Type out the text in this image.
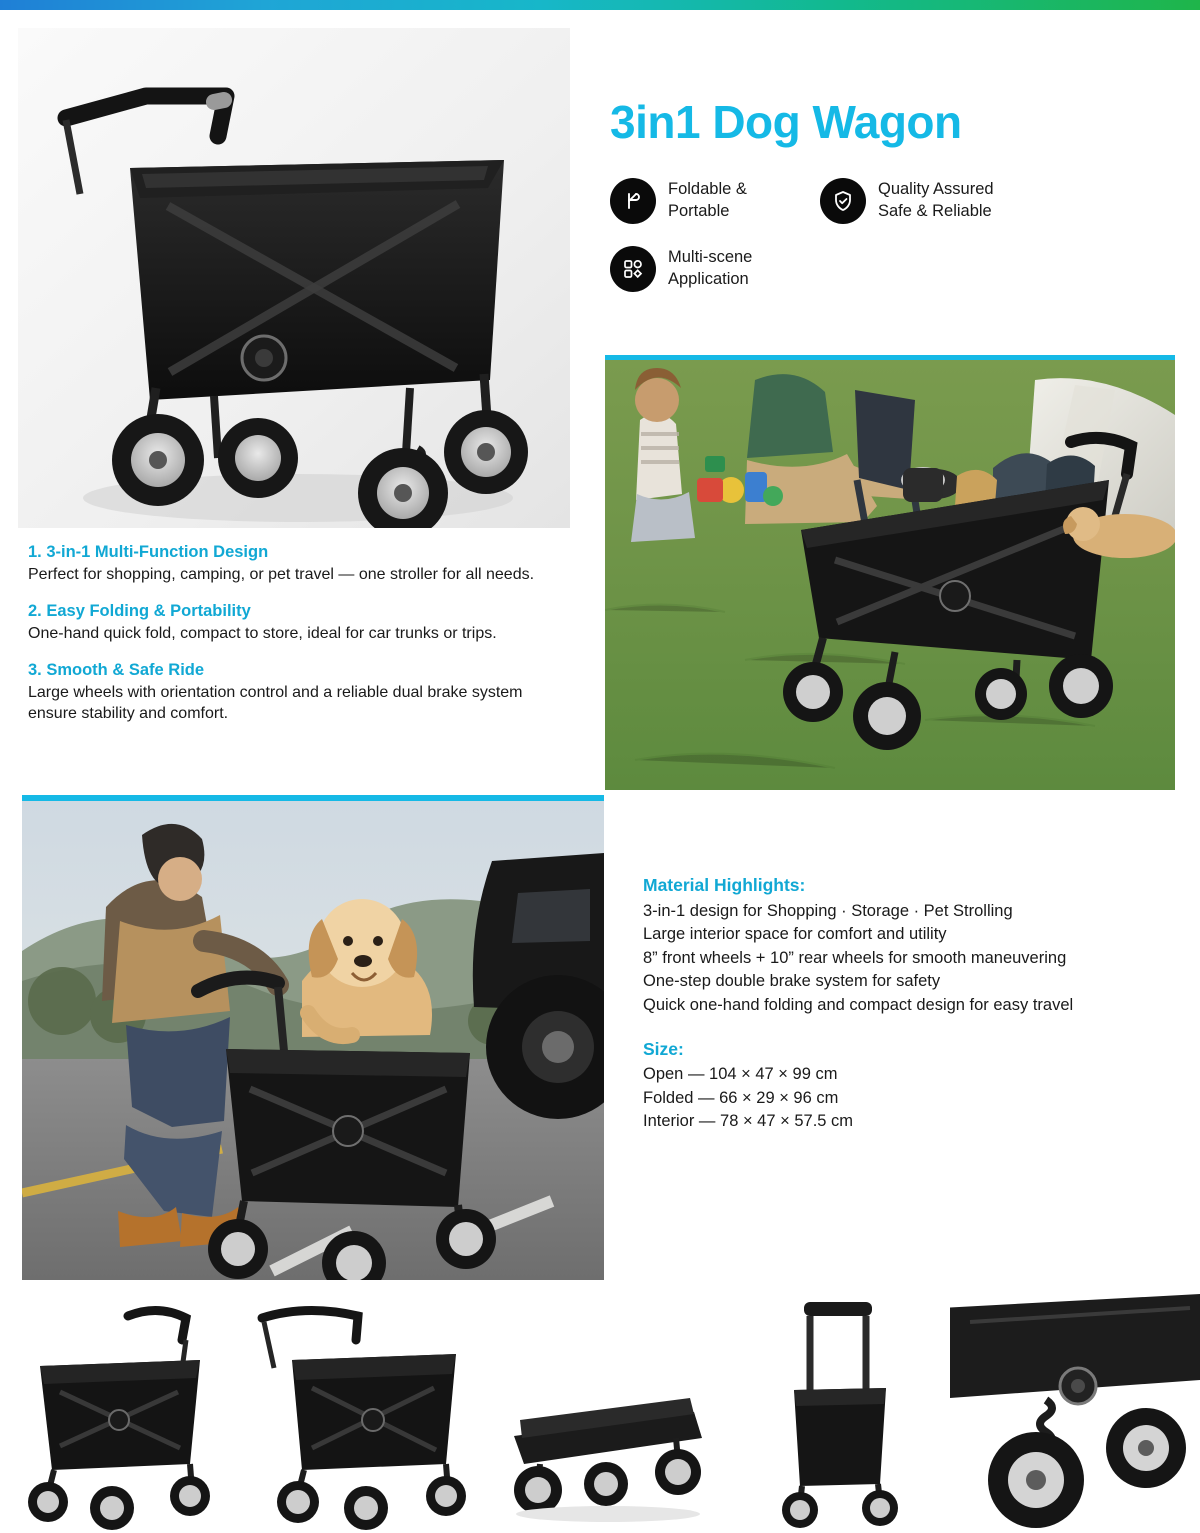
3in1 Dog Wagon
Foldable &
Portable
Quality Assured
Safe & Reliable
Multi-scene
Application

1. 3-in-1 Multi-Function Design

Perfect for shopping, camping, or pet travel — one stroller for all needs.

2. Easy Folding & Portability

One-hand quick fold, compact to store, ideal for car trunks or trips.

3. Smooth & Safe Ride

Large wheels with orientation control and a reliable dual brake system ensure stability and comfort.

Material Highlights:

3-in-1 design for Shopping · Storage · Pet Strolling

Large interior space for comfort and utility

8” front wheels + 10” rear wheels for smooth maneuvering

One-step double brake system for safety

Quick one-hand folding and compact design for easy travel

Size:

Open — 104 × 47 × 99 cm

Folded — 66 × 29 × 96 cm

Interior — 78 × 47 × 57.5 cm
